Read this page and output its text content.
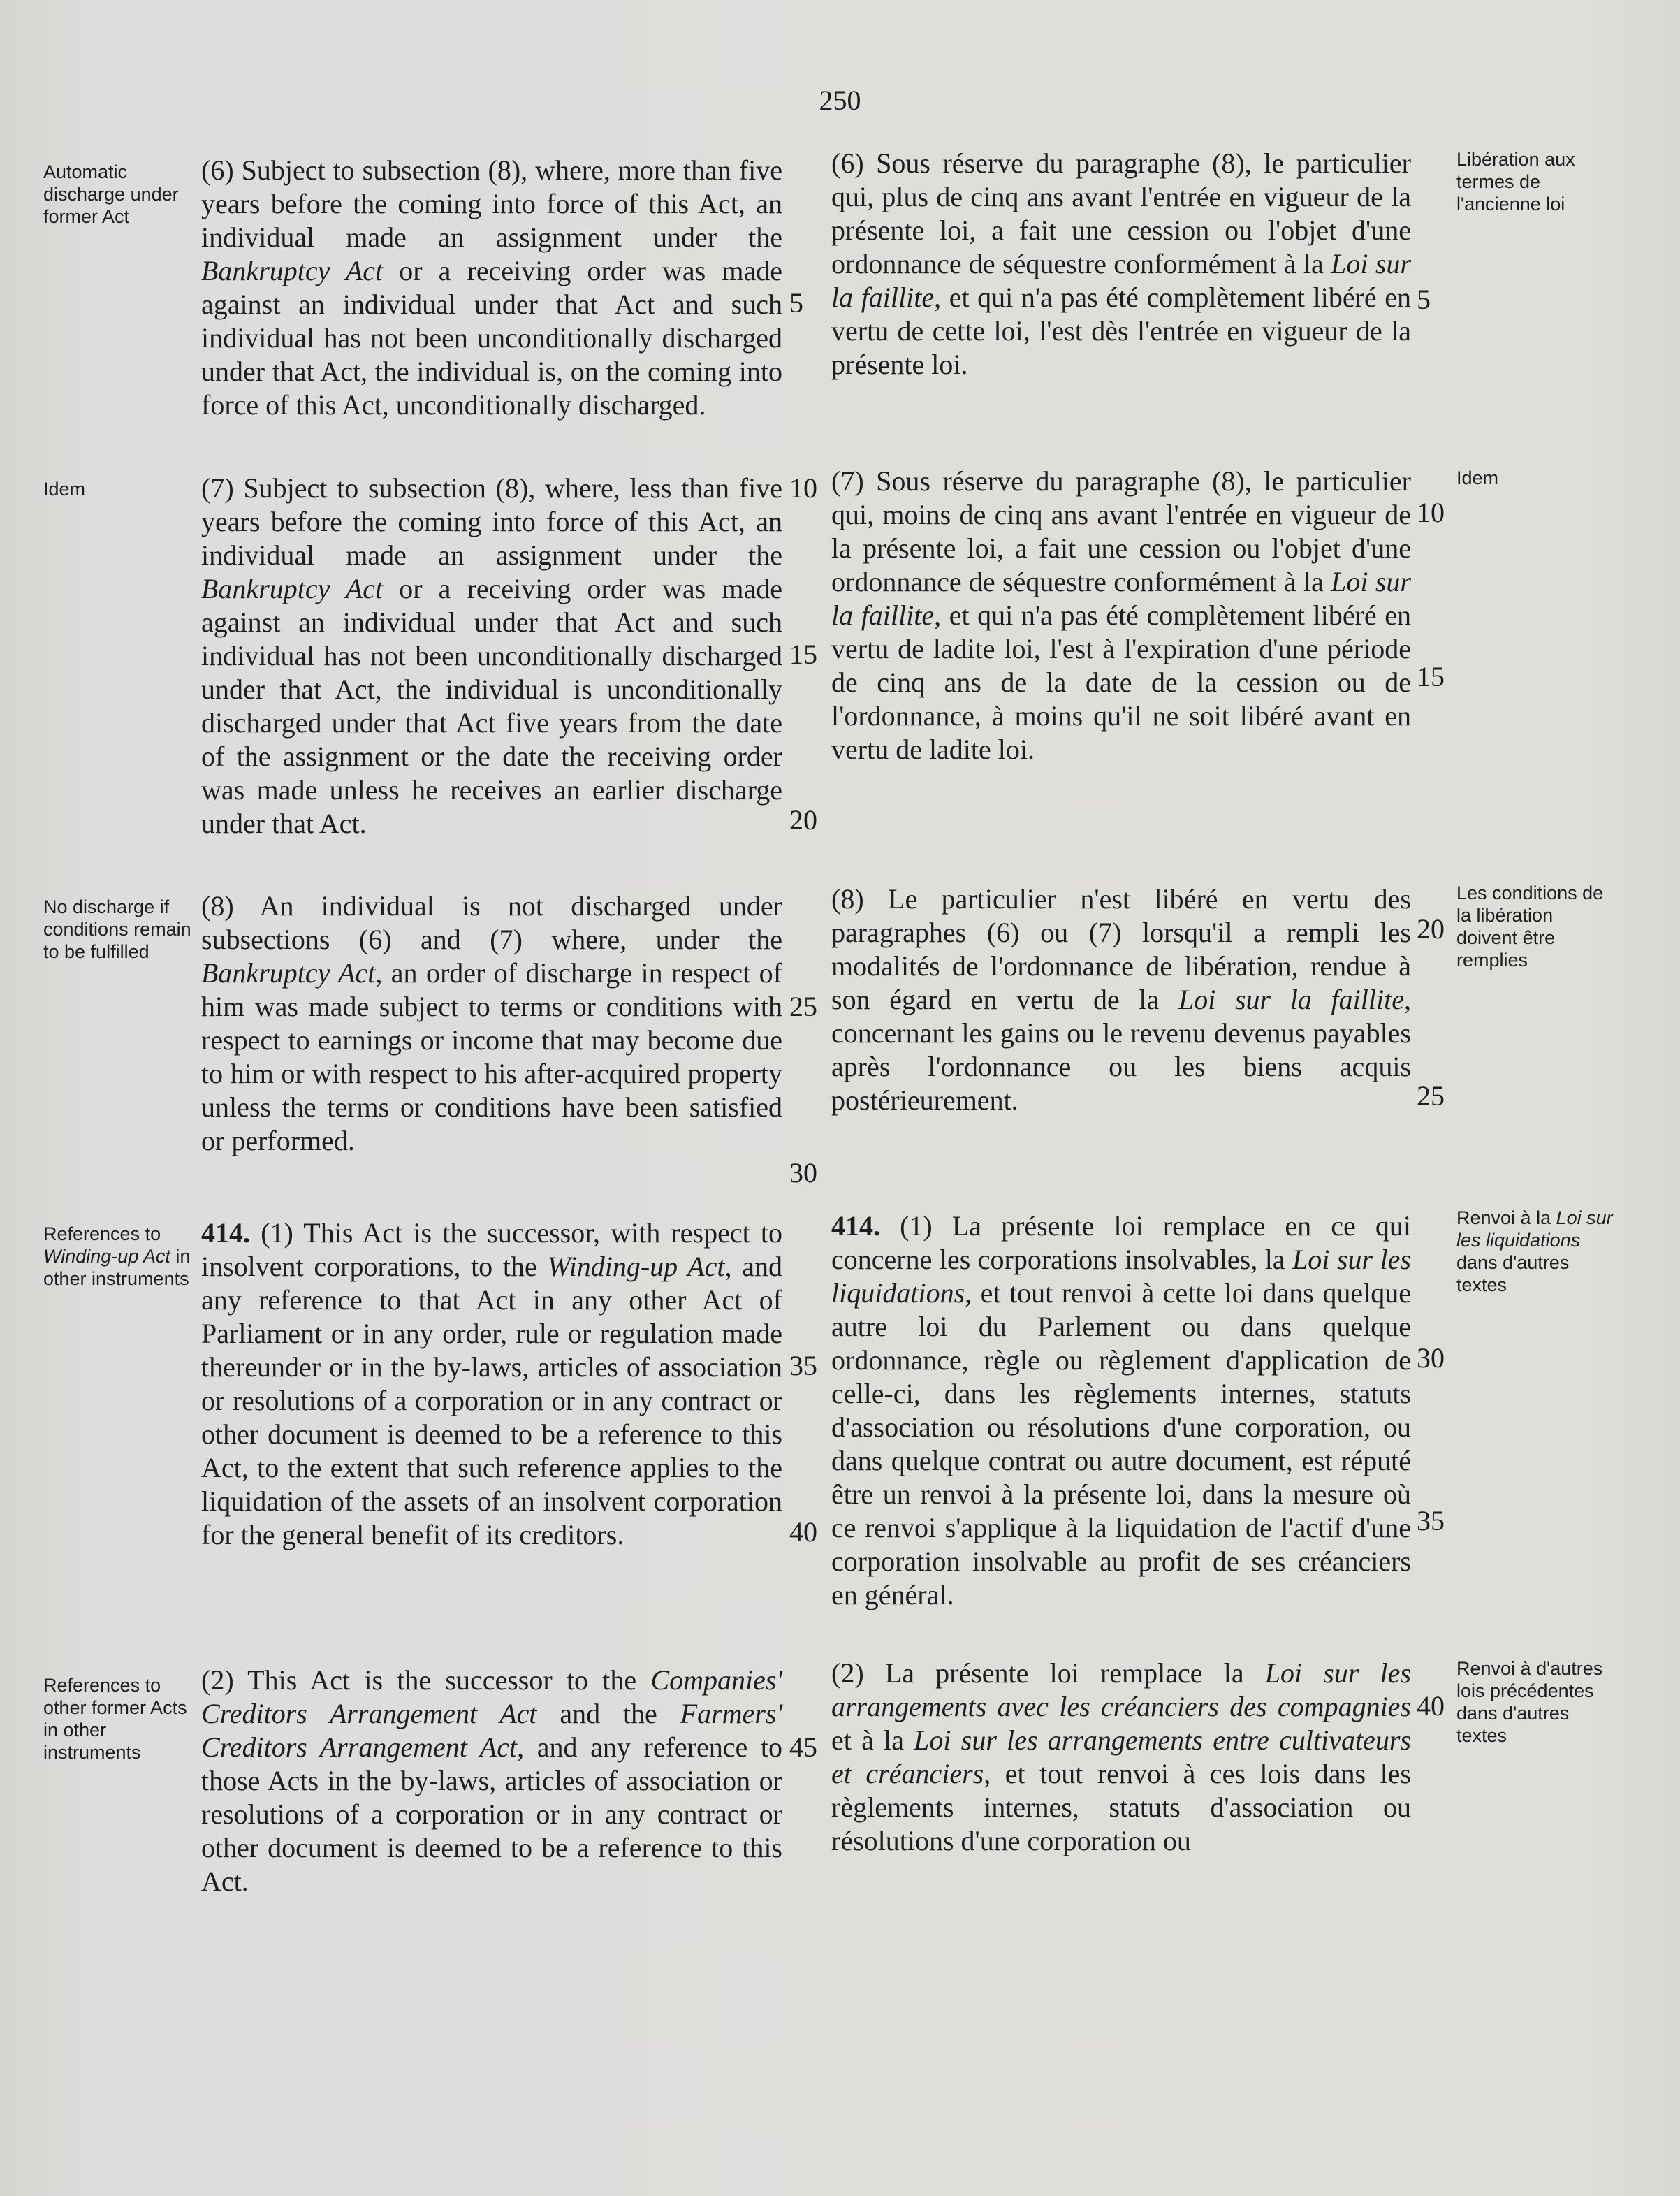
250

Automatic discharge under former Act

(6) Subject to subsection (8), where, more than five years before the coming into force of this Act, an individual made an assignment under the Bankruptcy Act or a receiving order was made against an individual under that Act and such individual has not been unconditionally discharged under that Act, the individual is, on the coming into force of this Act, unconditionally discharged.

(6) Sous réserve du paragraphe (8), le particulier qui, plus de cinq ans avant l'entrée en vigueur de la présente loi, a fait une cession ou l'objet d'une ordonnance de séquestre conformément à la Loi sur la faillite, et qui n'a pas été complètement libéré en vertu de cette loi, l'est dès l'entrée en vigueur de la présente loi.

Libération aux termes de l'ancienne loi

Idem	(7) Subject to subsection (8), where, less than five years before the coming into force of this Act, an individual made an assignment under the Bankruptcy Act or a receiving order was made against an individual under that Act and such individual has not been unconditionally discharged under that Act, the individual is unconditionally discharged under that Act five years from the date of the assignment or the date the receiving order was made unless he receives an earlier discharge under that Act.

(7) Sous réserve du paragraphe (8), le particulier qui, moins de cinq ans avant l'entrée en vigueur de la présente loi, a fait une cession ou l'objet d'une ordonnance de séquestre conformément à la Loi sur la faillite, et qui n'a pas été complètement libéré en vertu de ladite loi, l'est à l'expiration d'une période de cinq ans de la date de la cession ou de l'ordonnance, à moins qu'il ne soit libéré avant en vertu de ladite loi.

Idem

No discharge if conditions remain to be fulfilled

(8) An individual is not discharged under subsections (6) and (7) where, under the Bankruptcy Act, an order of discharge in respect of him was made subject to terms or conditions with respect to earnings or income that may become due to him or with respect to his after-acquired property unless the terms or conditions have been satisfied or performed.

(8) Le particulier n'est libéré en vertu des paragraphes (6) ou (7) lorsqu'il a rempli les modalités de l'ordonnance de libération, rendue à son égard en vertu de la Loi sur la faillite, concernant les gains ou le revenu devenus payables après l'ordonnance ou les biens acquis postérieurement.

Les conditions de la libération doivent être remplies

References to Winding-up Act in other instruments

414. (1) This Act is the successor, with respect to insolvent corporations, to the Winding-up Act, and any reference to that Act in any other Act of Parliament or in any order, rule or regulation made thereunder or in the by-laws, articles of association or resolutions of a corporation or in any contract or other document is deemed to be a reference to this Act, to the extent that such reference applies to the liquidation of the assets of an insolvent corporation for the general benefit of its creditors.

414. (1) La présente loi remplace en ce qui concerne les corporations insolvables, la Loi sur les liquidations, et tout renvoi à cette loi dans quelque autre loi du Parlement ou dans quelque ordonnance, règle ou règlement d'application de celle-ci, dans les règlements internes, statuts d'association ou résolutions d'une corporation, ou dans quelque contrat ou autre document, est réputé être un renvoi à la présente loi, dans la mesure où ce renvoi s'applique à la liquidation de l'actif d'une corporation insolvable au profit de ses créanciers en général.

Renvoi à la Loi sur les liquidations dans d'autres textes

References to other former Acts in other instruments

(2) This Act is the successor to the Companies' Creditors Arrangement Act and the Farmers' Creditors Arrangement Act, and any reference to those Acts in the by-laws, articles of association or resolutions of a corporation or in any contract or other document is deemed to be a reference to this Act.

(2) La présente loi remplace la Loi sur les arrangements avec les créanciers des compagnies et à la Loi sur les arrangements entre cultivateurs et créanciers, et tout renvoi à ces lois dans les règlements internes, statuts d'association ou résolutions d'une corporation ou

Renvoi à d'autres lois précédentes dans d'autres textes

5
10
15
20
25
30
35
40
45
5
10
15
20
25
30
35
40
